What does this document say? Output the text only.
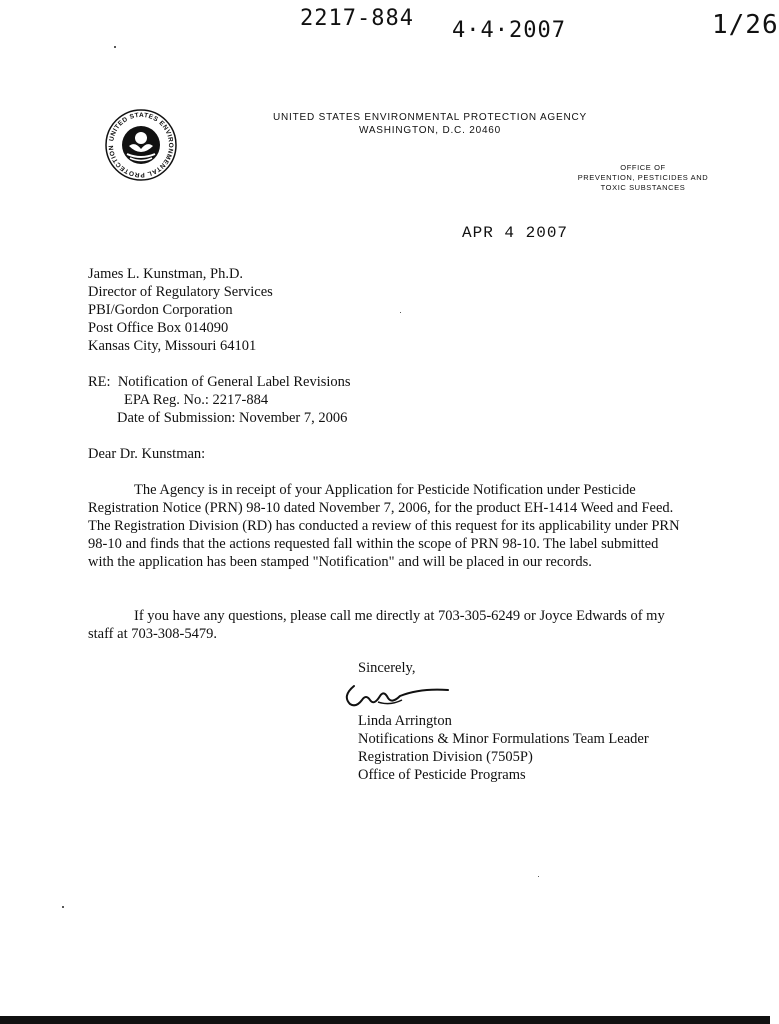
2217-884 4·4·2007	1/26
UNITED STATES ENVIRONMENTAL PROTECTION
UNITED STATES ENVIRONMENTAL PROTECTION AGENCY
WASHINGTON, D.C. 20460
OFFICE OF
PREVENTION, PESTICIDES AND
TOXIC SUBSTANCES
APR 4 2007
James L. Kunstman, Ph.D.
Director of Regulatory Services
PBI/Gordon Corporation
Post Office Box 014090
Kansas City, Missouri 64101
RE: Notification of General Label Revisions
EPA Reg. No.: 2217-884
Date of Submission: November 7, 2006
Dear Dr. Kunstman:
The Agency is in receipt of your Application for Pesticide Notification under Pesticide Registration Notice (PRN) 98-10 dated November 7, 2006, for the product EH-1414 Weed and Feed. The Registration Division (RD) has conducted a review of this request for its applicability under PRN 98-10 and finds that the actions requested fall within the scope of PRN 98-10. The label submitted with the application has been stamped "Notification" and will be placed in our records.
If you have any questions, please call me directly at 703-305-6249 or Joyce Edwards of my staff at 703-308-5479.
Sincerely,
Linda Arrington
Notifications & Minor Formulations Team Leader
Registration Division (7505P)
Office of Pesticide Programs
